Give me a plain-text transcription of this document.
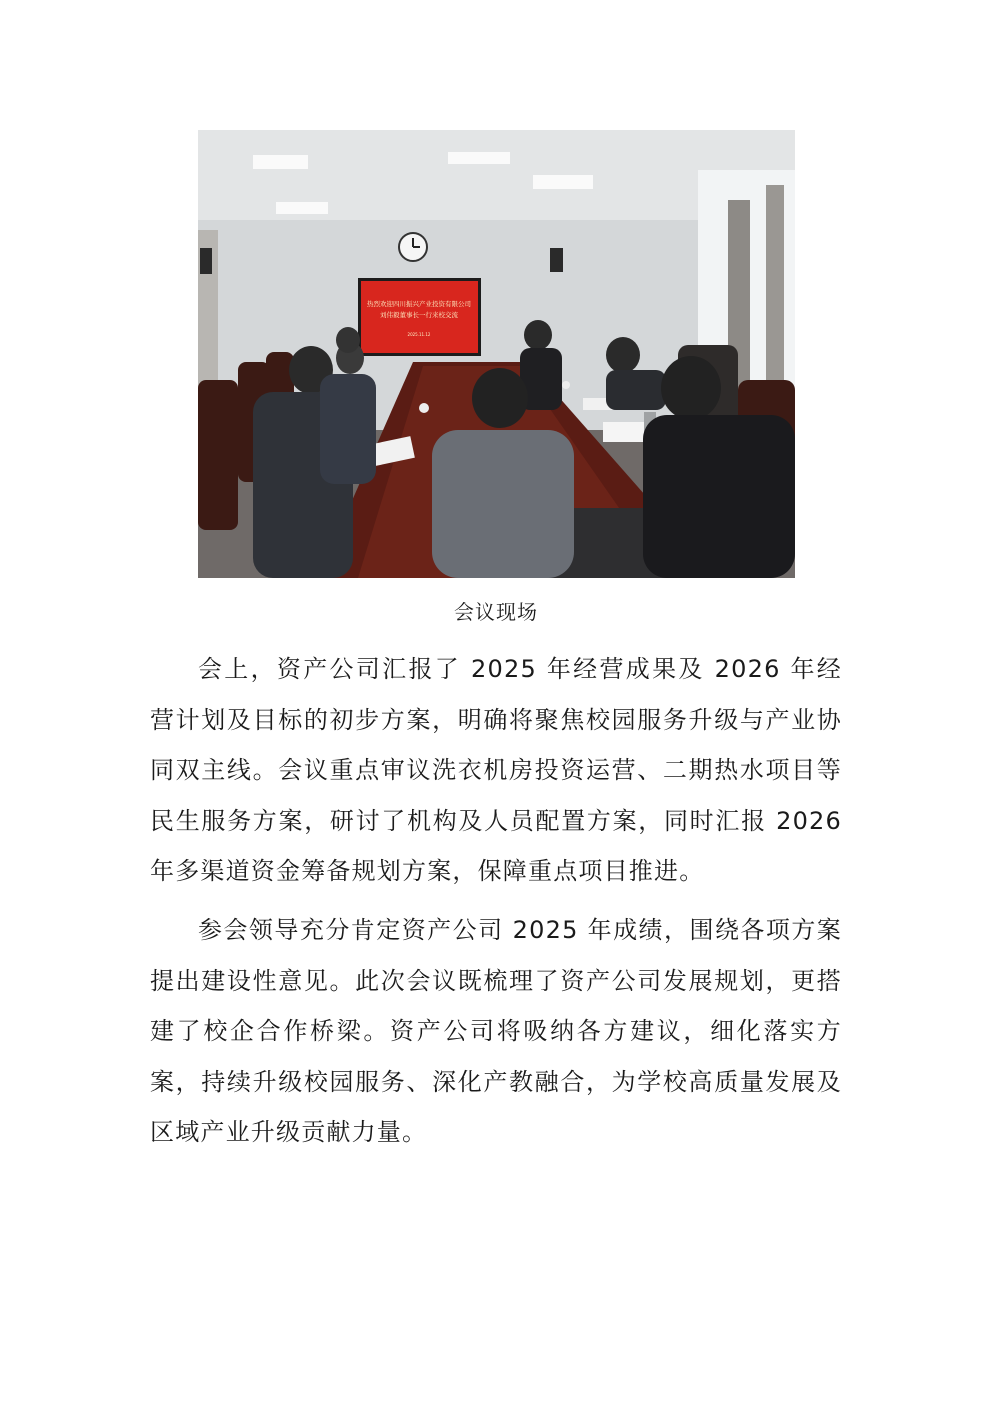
热烈欢迎四川振兴产业投资有限公司
刘伟毅董事长一行来校交流
2025.11.12
会议现场

会上，资产公司汇报了 2025 年经营成果及 2026 年经营计划及目标的初步方案，明确将聚焦校园服务升级与产业协同双主线。会议重点审议洗衣机房投资运营、二期热水项目等民生服务方案，研讨了机构及人员配置方案，同时汇报 2026 年多渠道资金筹备规划方案，保障重点项目推进。

参会领导充分肯定资产公司 2025 年成绩，围绕各项方案提出建设性意见。此次会议既梳理了资产公司发展规划，更搭建了校企合作桥梁。资产公司将吸纳各方建议，细化落实方案，持续升级校园服务、深化产教融合，为学校高质量发展及区域产业升级贡献力量。
